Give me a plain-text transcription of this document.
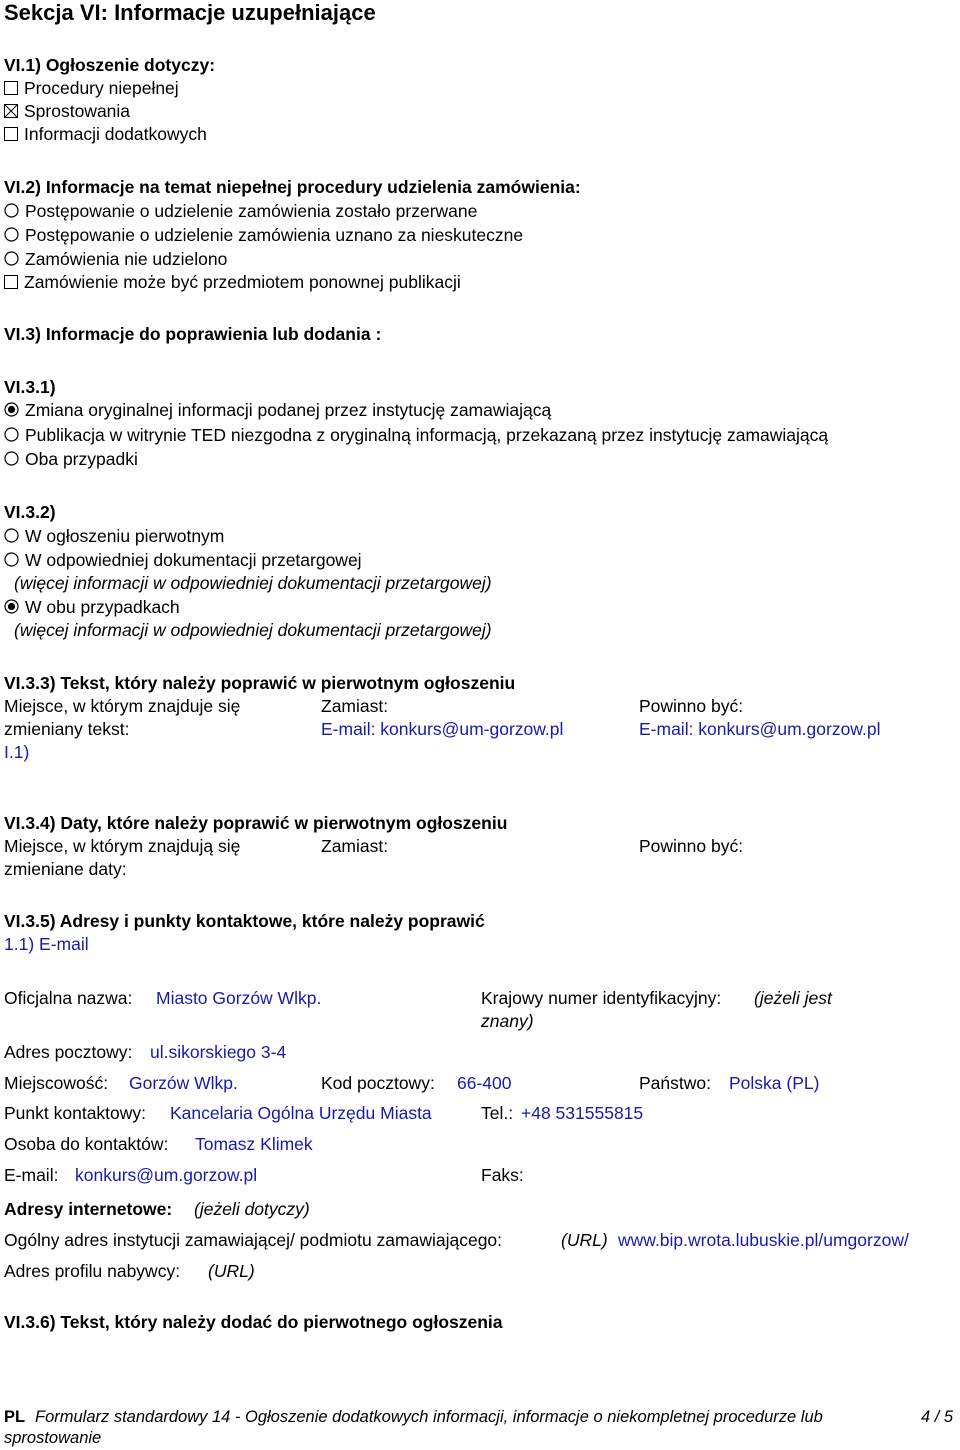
Sekcja VI: Informacje uzupełniające
VI.1) Ogłoszenie dotyczy:
Procedury niepełnej
Sprostowania
Informacji dodatkowych
VI.2) Informacje na temat niepełnej procedury udzielenia zamówienia:
Postępowanie o udzielenie zamówienia zostało przerwane
Postępowanie o udzielenie zamówienia uznano za nieskuteczne
Zamówienia nie udzielono
Zamówienie może być przedmiotem ponownej publikacji
VI.3) Informacje do poprawienia lub dodania :
VI.3.1)
Zmiana oryginalnej informacji podanej przez instytucję zamawiającą
Publikacja w witrynie TED niezgodna z oryginalną informacją, przekazaną przez instytucję zamawiającą
Oba przypadki
VI.3.2)
W ogłoszeniu pierwotnym
W odpowiedniej dokumentacji przetargowej
(więcej informacji w odpowiedniej dokumentacji przetargowej)
W obu przypadkach
(więcej informacji w odpowiedniej dokumentacji przetargowej)
VI.3.3) Tekst, który należy poprawić w pierwotnym ogłoszeniu
Miejsce, w którym znajduje się
zmieniany tekst:
I.1)
Zamiast:
E-mail: konkurs@um-gorzow.pl
Powinno być:
E-mail: konkurs@um.gorzow.pl
VI.3.4) Daty, które należy poprawić w pierwotnym ogłoszeniu
Miejsce, w którym znajdują się
zmieniane daty:
Zamiast:	Powinno być:
VI.3.5) Adresy i punkty kontaktowe, które należy poprawić
1.1) E-mail
Oficjalna nazwa: Miasto Gorzów Wlkp.	Krajowy numer identyfikacyjny: (jeżeli jest
znany)
Adres pocztowy: ul.sikorskiego 3-4
Miejscowość: Gorzów Wlkp.	Kod pocztowy: 66-400	Państwo: Polska (PL)
Punkt kontaktowy: Kancelaria Ogólna Urzędu Miasta	Tel.: +48 531555815
Osoba do kontaktów: Tomasz Klimek
E-mail: konkurs@um.gorzow.pl	Faks:
Adresy internetowe: (jeżeli dotyczy)
Ogólny adres instytucji zamawiającej/ podmiotu zamawiającego:	(URL) www.bip.wrota.lubuskie.pl/umgorzow/
Adres profilu nabywcy: (URL)
VI.3.6) Tekst, który należy dodać do pierwotnego ogłoszenia
PL Formularz standardowy 14 - Ogłoszenie dodatkowych informacji, informacje o niekompletnej procedurze lub
sprostowanie
4 / 5
